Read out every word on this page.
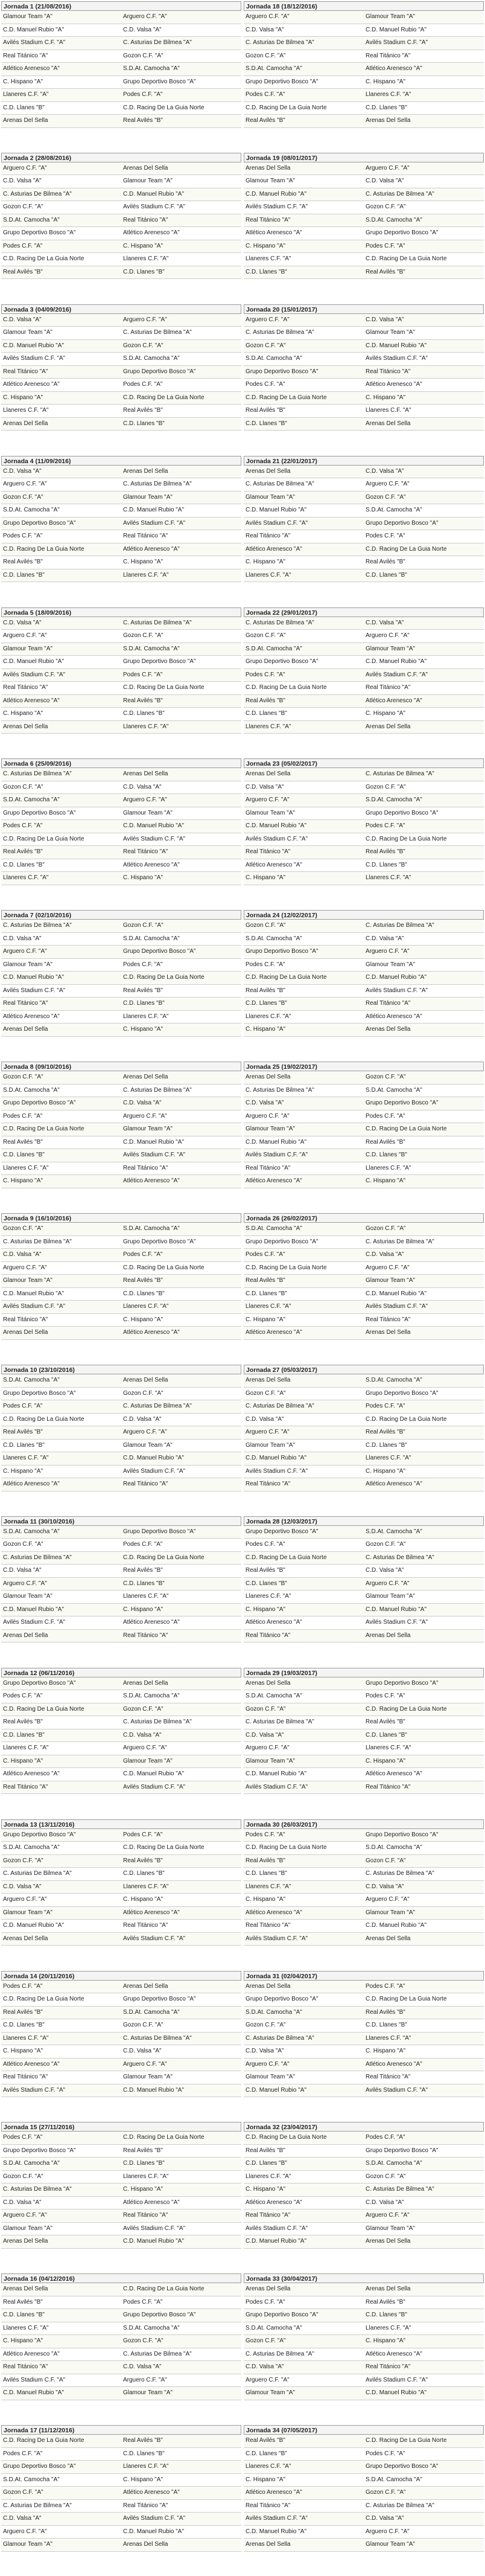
Jornada 1 (21/08/2016)
Glamour Team "A"	Arguero C.F. "A"
C.D. Manuel Rubio "A"	C.D. Valsa "A"
Avilés Stadium C.F. "A"	C. Asturias De Bilmea "A"
Real Titánico "A"	Gozon C.F. "A"
Atlético Arenesco "A"	S.D.At. Camocha "A"
C. Hispano "A"	Grupo Deportivo Bosco "A"
Llaneres C.F. "A"	Podes C.F. "A"
C.D. Llanes "B"	C.D. Racing De La Guia Norte
Arenas Del Sella	Real Avilés "B"
Jornada 18 (18/12/2016)
Arguero C.F. "A"	Glamour Team "A"
C.D. Valsa "A"	C.D. Manuel Rubio "A"
C. Asturias De Bilmea "A"	Avilés Stadium C.F. "A"
Gozon C.F. "A"	Real Titánico "A"
S.D.At. Camocha "A"	Atlético Arenesco "A"
Grupo Deportivo Bosco "A"	C. Hispano "A"
Podes C.F. "A"	Llaneres C.F. "A"
C.D. Racing De La Guia Norte	C.D. Llanes "B"
Real Avilés "B"	Arenas Del Sella
Jornada 2 (28/08/2016)
Arguero C.F. "A"	Arenas Del Sella
C.D. Valsa "A"	Glamour Team "A"
C. Asturias De Bilmea "A"	C.D. Manuel Rubio "A"
Gozon C.F. "A"	Avilés Stadium C.F. "A"
S.D.At. Camocha "A"	Real Titánico "A"
Grupo Deportivo Bosco "A"	Atlético Arenesco "A"
Podes C.F. "A"	C. Hispano "A"
C.D. Racing De La Guia Norte	Llaneres C.F. "A"
Real Avilés "B"	C.D. Llanes "B"
Jornada 19 (08/01/2017)
Arenas Del Sella	Arguero C.F. "A"
Glamour Team "A"	C.D. Valsa "A"
C.D. Manuel Rubio "A"	C. Asturias De Bilmea "A"
Avilés Stadium C.F. "A"	Gozon C.F. "A"
Real Titánico "A"	S.D.At. Camocha "A"
Atlético Arenesco "A"	Grupo Deportivo Bosco "A"
C. Hispano "A"	Podes C.F. "A"
Llaneres C.F. "A"	C.D. Racing De La Guia Norte
C.D. Llanes "B"	Real Avilés "B"
Jornada 3 (04/09/2016)
C.D. Valsa "A"	Arguero C.F. "A"
Glamour Team "A"	C. Asturias De Bilmea "A"
C.D. Manuel Rubio "A"	Gozon C.F. "A"
Avilés Stadium C.F. "A"	S.D.At. Camocha "A"
Real Titánico "A"	Grupo Deportivo Bosco "A"
Atlético Arenesco "A"	Podes C.F. "A"
C. Hispano "A"	C.D. Racing De La Guia Norte
Llaneres C.F. "A"	Real Avilés "B"
Arenas Del Sella	C.D. Llanes "B"
Jornada 20 (15/01/2017)
Arguero C.F. "A"	C.D. Valsa "A"
C. Asturias De Bilmea "A"	Glamour Team "A"
Gozon C.F. "A"	C.D. Manuel Rubio "A"
S.D.At. Camocha "A"	Avilés Stadium C.F. "A"
Grupo Deportivo Bosco "A"	Real Titánico "A"
Podes C.F. "A"	Atlético Arenesco "A"
C.D. Racing De La Guia Norte	C. Hispano "A"
Real Avilés "B"	Llaneres C.F. "A"
C.D. Llanes "B"	Arenas Del Sella
Jornada 4 (11/09/2016)
C.D. Valsa "A"	Arenas Del Sella
Arguero C.F. "A"	C. Asturias De Bilmea "A"
Gozon C.F. "A"	Glamour Team "A"
S.D.At. Camocha "A"	C.D. Manuel Rubio "A"
Grupo Deportivo Bosco "A"	Avilés Stadium C.F. "A"
Podes C.F. "A"	Real Titánico "A"
C.D. Racing De La Guia Norte	Atlético Arenesco "A"
Real Avilés "B"	C. Hispano "A"
C.D. Llanes "B"	Llaneres C.F. "A"
Jornada 21 (22/01/2017)
Arenas Del Sella	C.D. Valsa "A"
C. Asturias De Bilmea "A"	Arguero C.F. "A"
Glamour Team "A"	Gozon C.F. "A"
C.D. Manuel Rubio "A"	S.D.At. Camocha "A"
Avilés Stadium C.F. "A"	Grupo Deportivo Bosco "A"
Real Titánico "A"	Podes C.F. "A"
Atlético Arenesco "A"	C.D. Racing De La Guia Norte
C. Hispano "A"	Real Avilés "B"
Llaneres C.F. "A"	C.D. Llanes "B"
Jornada 5 (18/09/2016)
C.D. Valsa "A"	C. Asturias De Bilmea "A"
Arguero C.F. "A"	Gozon C.F. "A"
Glamour Team "A"	S.D.At. Camocha "A"
C.D. Manuel Rubio "A"	Grupo Deportivo Bosco "A"
Avilés Stadium C.F. "A"	Podes C.F. "A"
Real Titánico "A"	C.D. Racing De La Guia Norte
Atlético Arenesco "A"	Real Avilés "B"
C. Hispano "A"	C.D. Llanes "B"
Arenas Del Sella	Llaneres C.F. "A"
Jornada 22 (29/01/2017)
C. Asturias De Bilmea "A"	C.D. Valsa "A"
Gozon C.F. "A"	Arguero C.F. "A"
S.D.At. Camocha "A"	Glamour Team "A"
Grupo Deportivo Bosco "A"	C.D. Manuel Rubio "A"
Podes C.F. "A"	Avilés Stadium C.F. "A"
C.D. Racing De La Guia Norte	Real Titánico "A"
Real Avilés "B"	Atlético Arenesco "A"
C.D. Llanes "B"	C. Hispano "A"
Llaneres C.F. "A"	Arenas Del Sella
Jornada 6 (25/09/2016)
C. Asturias De Bilmea "A"	Arenas Del Sella
Gozon C.F. "A"	C.D. Valsa "A"
S.D.At. Camocha "A"	Arguero C.F. "A"
Grupo Deportivo Bosco "A"	Glamour Team "A"
Podes C.F. "A"	C.D. Manuel Rubio "A"
C.D. Racing De La Guia Norte	Avilés Stadium C.F. "A"
Real Avilés "B"	Real Titánico "A"
C.D. Llanes "B"	Atlético Arenesco "A"
Llaneres C.F. "A"	C. Hispano "A"
Jornada 23 (05/02/2017)
Arenas Del Sella	C. Asturias De Bilmea "A"
C.D. Valsa "A"	Gozon C.F. "A"
Arguero C.F. "A"	S.D.At. Camocha "A"
Glamour Team "A"	Grupo Deportivo Bosco "A"
C.D. Manuel Rubio "A"	Podes C.F. "A"
Avilés Stadium C.F. "A"	C.D. Racing De La Guia Norte
Real Titánico "A"	Real Avilés "B"
Atlético Arenesco "A"	C.D. Llanes "B"
C. Hispano "A"	Llaneres C.F. "A"
Jornada 7 (02/10/2016)
C. Asturias De Bilmea "A"	Gozon C.F. "A"
C.D. Valsa "A"	S.D.At. Camocha "A"
Arguero C.F. "A"	Grupo Deportivo Bosco "A"
Glamour Team "A"	Podes C.F. "A"
C.D. Manuel Rubio "A"	C.D. Racing De La Guia Norte
Avilés Stadium C.F. "A"	Real Avilés "B"
Real Titánico "A"	C.D. Llanes "B"
Atlético Arenesco "A"	Llaneres C.F. "A"
Arenas Del Sella	C. Hispano "A"
Jornada 24 (12/02/2017)
Gozon C.F. "A"	C. Asturias De Bilmea "A"
S.D.At. Camocha "A"	C.D. Valsa "A"
Grupo Deportivo Bosco "A"	Arguero C.F. "A"
Podes C.F. "A"	Glamour Team "A"
C.D. Racing De La Guia Norte	C.D. Manuel Rubio "A"
Real Avilés "B"	Avilés Stadium C.F. "A"
C.D. Llanes "B"	Real Titánico "A"
Llaneres C.F. "A"	Atlético Arenesco "A"
C. Hispano "A"	Arenas Del Sella
Jornada 8 (09/10/2016)
Gozon C.F. "A"	Arenas Del Sella
S.D.At. Camocha "A"	C. Asturias De Bilmea "A"
Grupo Deportivo Bosco "A"	C.D. Valsa "A"
Podes C.F. "A"	Arguero C.F. "A"
C.D. Racing De La Guia Norte	Glamour Team "A"
Real Avilés "B"	C.D. Manuel Rubio "A"
C.D. Llanes "B"	Avilés Stadium C.F. "A"
Llaneres C.F. "A"	Real Titánico "A"
C. Hispano "A"	Atlético Arenesco "A"
Jornada 25 (19/02/2017)
Arenas Del Sella	Gozon C.F. "A"
C. Asturias De Bilmea "A"	S.D.At. Camocha "A"
C.D. Valsa "A"	Grupo Deportivo Bosco "A"
Arguero C.F. "A"	Podes C.F. "A"
Glamour Team "A"	C.D. Racing De La Guia Norte
C.D. Manuel Rubio "A"	Real Avilés "B"
Avilés Stadium C.F. "A"	C.D. Llanes "B"
Real Titánico "A"	Llaneres C.F. "A"
Atlético Arenesco "A"	C. Hispano "A"
Jornada 9 (16/10/2016)
Gozon C.F. "A"	S.D.At. Camocha "A"
C. Asturias De Bilmea "A"	Grupo Deportivo Bosco "A"
C.D. Valsa "A"	Podes C.F. "A"
Arguero C.F. "A"	C.D. Racing De La Guia Norte
Glamour Team "A"	Real Avilés "B"
C.D. Manuel Rubio "A"	C.D. Llanes "B"
Avilés Stadium C.F. "A"	Llaneres C.F. "A"
Real Titánico "A"	C. Hispano "A"
Arenas Del Sella	Atlético Arenesco "A"
Jornada 26 (26/02/2017)
S.D.At. Camocha "A"	Gozon C.F. "A"
Grupo Deportivo Bosco "A"	C. Asturias De Bilmea "A"
Podes C.F. "A"	C.D. Valsa "A"
C.D. Racing De La Guia Norte	Arguero C.F. "A"
Real Avilés "B"	Glamour Team "A"
C.D. Llanes "B"	C.D. Manuel Rubio "A"
Llaneres C.F. "A"	Avilés Stadium C.F. "A"
C. Hispano "A"	Real Titánico "A"
Atlético Arenesco "A"	Arenas Del Sella
Jornada 10 (23/10/2016)
S.D.At. Camocha "A"	Arenas Del Sella
Grupo Deportivo Bosco "A"	Gozon C.F. "A"
Podes C.F. "A"	C. Asturias De Bilmea "A"
C.D. Racing De La Guia Norte	C.D. Valsa "A"
Real Avilés "B"	Arguero C.F. "A"
C.D. Llanes "B"	Glamour Team "A"
Llaneres C.F. "A"	C.D. Manuel Rubio "A"
C. Hispano "A"	Avilés Stadium C.F. "A"
Atlético Arenesco "A"	Real Titánico "A"
Jornada 27 (05/03/2017)
Arenas Del Sella	S.D.At. Camocha "A"
Gozon C.F. "A"	Grupo Deportivo Bosco "A"
C. Asturias De Bilmea "A"	Podes C.F. "A"
C.D. Valsa "A"	C.D. Racing De La Guia Norte
Arguero C.F. "A"	Real Avilés "B"
Glamour Team "A"	C.D. Llanes "B"
C.D. Manuel Rubio "A"	Llaneres C.F. "A"
Avilés Stadium C.F. "A"	C. Hispano "A"
Real Titánico "A"	Atlético Arenesco "A"
Jornada 11 (30/10/2016)
S.D.At. Camocha "A"	Grupo Deportivo Bosco "A"
Gozon C.F. "A"	Podes C.F. "A"
C. Asturias De Bilmea "A"	C.D. Racing De La Guia Norte
C.D. Valsa "A"	Real Avilés "B"
Arguero C.F. "A"	C.D. Llanes "B"
Glamour Team "A"	Llaneres C.F. "A"
C.D. Manuel Rubio "A"	C. Hispano "A"
Avilés Stadium C.F. "A"	Atlético Arenesco "A"
Arenas Del Sella	Real Titánico "A"
Jornada 28 (12/03/2017)
Grupo Deportivo Bosco "A"	S.D.At. Camocha "A"
Podes C.F. "A"	Gozon C.F. "A"
C.D. Racing De La Guia Norte	C. Asturias De Bilmea "A"
Real Avilés "B"	C.D. Valsa "A"
C.D. Llanes "B"	Arguero C.F. "A"
Llaneres C.F. "A"	Glamour Team "A"
C. Hispano "A"	C.D. Manuel Rubio "A"
Atlético Arenesco "A"	Avilés Stadium C.F. "A"
Real Titánico "A"	Arenas Del Sella
Jornada 12 (06/11/2016)
Grupo Deportivo Bosco "A"	Arenas Del Sella
Podes C.F. "A"	S.D.At. Camocha "A"
C.D. Racing De La Guia Norte	Gozon C.F. "A"
Real Avilés "B"	C. Asturias De Bilmea "A"
C.D. Llanes "B"	C.D. Valsa "A"
Llaneres C.F. "A"	Arguero C.F. "A"
C. Hispano "A"	Glamour Team "A"
Atlético Arenesco "A"	C.D. Manuel Rubio "A"
Real Titánico "A"	Avilés Stadium C.F. "A"
Jornada 29 (19/03/2017)
Arenas Del Sella	Grupo Deportivo Bosco "A"
S.D.At. Camocha "A"	Podes C.F. "A"
Gozon C.F. "A"	C.D. Racing De La Guia Norte
C. Asturias De Bilmea "A"	Real Avilés "B"
C.D. Valsa "A"	C.D. Llanes "B"
Arguero C.F. "A"	Llaneres C.F. "A"
Glamour Team "A"	C. Hispano "A"
C.D. Manuel Rubio "A"	Atlético Arenesco "A"
Avilés Stadium C.F. "A"	Real Titánico "A"
Jornada 13 (13/11/2016)
Grupo Deportivo Bosco "A"	Podes C.F. "A"
S.D.At. Camocha "A"	C.D. Racing De La Guia Norte
Gozon C.F. "A"	Real Avilés "B"
C. Asturias De Bilmea "A"	C.D. Llanes "B"
C.D. Valsa "A"	Llaneres C.F. "A"
Arguero C.F. "A"	C. Hispano "A"
Glamour Team "A"	Atlético Arenesco "A"
C.D. Manuel Rubio "A"	Real Titánico "A"
Arenas Del Sella	Avilés Stadium C.F. "A"
Jornada 30 (26/03/2017)
Podes C.F. "A"	Grupo Deportivo Bosco "A"
C.D. Racing De La Guia Norte	S.D.At. Camocha "A"
Real Avilés "B"	Gozon C.F. "A"
C.D. Llanes "B"	C. Asturias De Bilmea "A"
Llaneres C.F. "A"	C.D. Valsa "A"
C. Hispano "A"	Arguero C.F. "A"
Atlético Arenesco "A"	Glamour Team "A"
Real Titánico "A"	C.D. Manuel Rubio "A"
Avilés Stadium C.F. "A"	Arenas Del Sella
Jornada 14 (20/11/2016)
Podes C.F. "A"	Arenas Del Sella
C.D. Racing De La Guia Norte	Grupo Deportivo Bosco "A"
Real Avilés "B"	S.D.At. Camocha "A"
C.D. Llanes "B"	Gozon C.F. "A"
Llaneres C.F. "A"	C. Asturias De Bilmea "A"
C. Hispano "A"	C.D. Valsa "A"
Atlético Arenesco "A"	Arguero C.F. "A"
Real Titánico "A"	Glamour Team "A"
Avilés Stadium C.F. "A"	C.D. Manuel Rubio "A"
Jornada 31 (02/04/2017)
Arenas Del Sella	Podes C.F. "A"
Grupo Deportivo Bosco "A"	C.D. Racing De La Guia Norte
S.D.At. Camocha "A"	Real Avilés "B"
Gozon C.F. "A"	C.D. Llanes "B"
C. Asturias De Bilmea "A"	Llaneres C.F. "A"
C.D. Valsa "A"	C. Hispano "A"
Arguero C.F. "A"	Atlético Arenesco "A"
Glamour Team "A"	Real Titánico "A"
C.D. Manuel Rubio "A"	Avilés Stadium C.F. "A"
Jornada 15 (27/11/2016)
Podes C.F. "A"	C.D. Racing De La Guia Norte
Grupo Deportivo Bosco "A"	Real Avilés "B"
S.D.At. Camocha "A"	C.D. Llanes "B"
Gozon C.F. "A"	Llaneres C.F. "A"
C. Asturias De Bilmea "A"	C. Hispano "A"
C.D. Valsa "A"	Atlético Arenesco "A"
Arguero C.F. "A"	Real Titánico "A"
Glamour Team "A"	Avilés Stadium C.F. "A"
Arenas Del Sella	C.D. Manuel Rubio "A"
Jornada 32 (23/04/2017)
C.D. Racing De La Guia Norte	Podes C.F. "A"
Real Avilés "B"	Grupo Deportivo Bosco "A"
C.D. Llanes "B"	S.D.At. Camocha "A"
Llaneres C.F. "A"	Gozon C.F. "A"
C. Hispano "A"	C. Asturias De Bilmea "A"
Atlético Arenesco "A"	C.D. Valsa "A"
Real Titánico "A"	Arguero C.F. "A"
Avilés Stadium C.F. "A"	Glamour Team "A"
C.D. Manuel Rubio "A"	Arenas Del Sella
Jornada 16 (04/12/2016)
Arenas Del Sella	C.D. Racing De La Guia Norte
Real Avilés "B"	Podes C.F. "A"
C.D. Llanes "B"	Grupo Deportivo Bosco "A"
Llaneres C.F. "A"	S.D.At. Camocha "A"
C. Hispano "A"	Gozon C.F. "A"
Atlético Arenesco "A"	C. Asturias De Bilmea "A"
Real Titánico "A"	C.D. Valsa "A"
Avilés Stadium C.F. "A"	Arguero C.F. "A"
C.D. Manuel Rubio "A"	Glamour Team "A"
Jornada 33 (30/04/2017)
Arenas Del Sella	Arenas Del Sella
Podes C.F. "A"	Real Avilés "B"
Grupo Deportivo Bosco "A"	C.D. Llanes "B"
S.D.At. Camocha "A"	Llaneres C.F. "A"
Gozon C.F. "A"	C. Hispano "A"
C. Asturias De Bilmea "A"	Atlético Arenesco "A"
C.D. Valsa "A"	Real Titánico "A"
Arguero C.F. "A"	Avilés Stadium C.F. "A"
Glamour Team "A"	C.D. Manuel Rubio "A"
Jornada 17 (11/12/2016)
C.D. Racing De La Guia Norte	Real Avilés "B"
Podes C.F. "A"	C.D. Llanes "B"
Grupo Deportivo Bosco "A"	Llaneres C.F. "A"
S.D.At. Camocha "A"	C. Hispano "A"
Gozon C.F. "A"	Atlético Arenesco "A"
C. Asturias De Bilmea "A"	Real Titánico "A"
C.D. Valsa "A"	Avilés Stadium C.F. "A"
Arguero C.F. "A"	C.D. Manuel Rubio "A"
Glamour Team "A"	Arenas Del Sella
Jornada 34 (07/05/2017)
Real Avilés "B"	C.D. Racing De La Guia Norte
C.D. Llanes "B"	Podes C.F. "A"
Llaneres C.F. "A"	Grupo Deportivo Bosco "A"
C. Hispano "A"	S.D.At. Camocha "A"
Atlético Arenesco "A"	Gozon C.F. "A"
Real Titánico "A"	C. Asturias De Bilmea "A"
Avilés Stadium C.F. "A"	C.D. Valsa "A"
C.D. Manuel Rubio "A"	Arguero C.F. "A"
Arenas Del Sella	Glamour Team "A"
